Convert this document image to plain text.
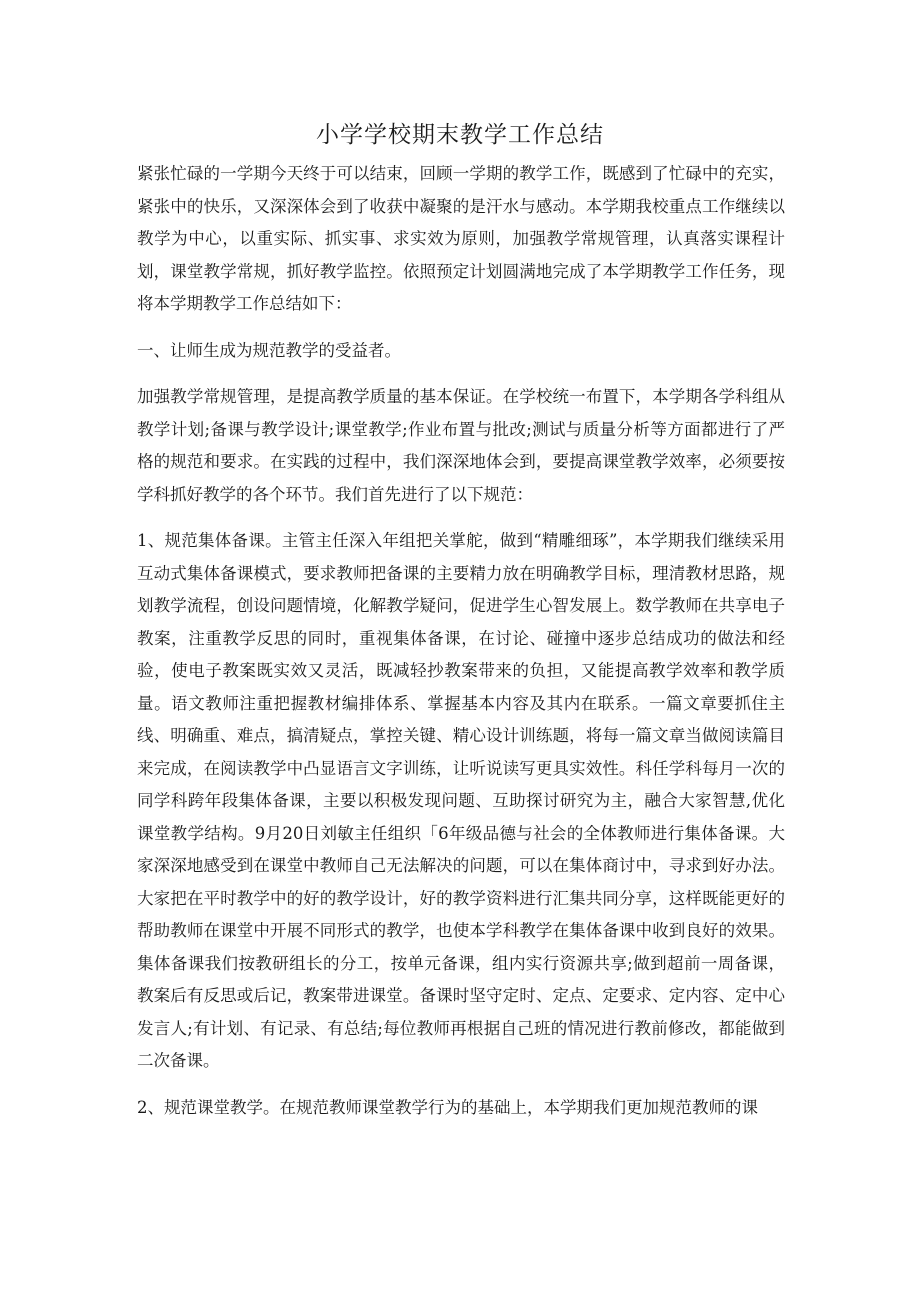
小学学校期末教学工作总结

紧张忙碌的一学期今天终于可以结束，回顾一学期的教学工作，既感到了忙碌中的充实，紧张中的快乐，又深深体会到了收获中凝聚的是汗水与感动。本学期我校重点工作继续以教学为中心，以重实际、抓实事、求实效为原则，加强教学常规管理，认真落实课程计划，课堂教学常规，抓好教学监控。依照预定计划圆满地完成了本学期教学工作任务，现将本学期教学工作总结如下：

一、让师生成为规范教学的受益者。

加强教学常规管理，是提高教学质量的基本保证。在学校统一布置下，本学期各学科组从教学计划;备课与教学设计;课堂教学;作业布置与批改;测试与质量分析等方面都进行了严格的规范和要求。在实践的过程中，我们深深地体会到，要提高课堂教学效率，必须要按学科抓好教学的各个环节。我们首先进行了以下规范：

1、规范集体备课。主管主任深入年组把关掌舵，做到“精雕细琢”，本学期我们继续采用互动式集体备课模式，要求教师把备课的主要精力放在明确教学目标，理清教材思路，规划教学流程，创设问题情境，化解教学疑问，促进学生心智发展上。数学教师在共享电子教案，注重教学反思的同时，重视集体备课，在讨论、碰撞中逐步总结成功的做法和经验，使电子教案既实效又灵活，既减轻抄教案带来的负担，又能提高教学效率和教学质量。语文教师注重把握教材编排体系、掌握基本内容及其内在联系。一篇文章要抓住主线、明确重、难点，搞清疑点，掌控关键、精心设计训练题，将每一篇文章当做阅读篇目来完成，在阅读教学中凸显语言文字训练，让听说读写更具实效性。科任学科每月一次的同学科跨年段集体备课，主要以积极发现问题、互助探讨研究为主，融合大家智慧,优化课堂教学结构。9月20日刘敏主任组织「6年级品德与社会的全体教师进行集体备课。大家深深地感受到在课堂中教师自己无法解决的问题，可以在集体商讨中，寻求到好办法。大家把在平时教学中的好的教学设计，好的教学资料进行汇集共同分享，这样既能更好的帮助教师在课堂中开展不同形式的教学，也使本学科教学在集体备课中收到良好的效果。集体备课我们按教研组长的分工，按单元备课，组内实行资源共享;做到超前一周备课，教案后有反思或后记，教案带进课堂。备课时坚守定时、定点、定要求、定内容、定中心发言人;有计划、有记录、有总结;每位教师再根据自己班的情况进行教前修改，都能做到二次备课。

2、规范课堂教学。在规范教师课堂教学行为的基础上，本学期我们更加规范教师的课
